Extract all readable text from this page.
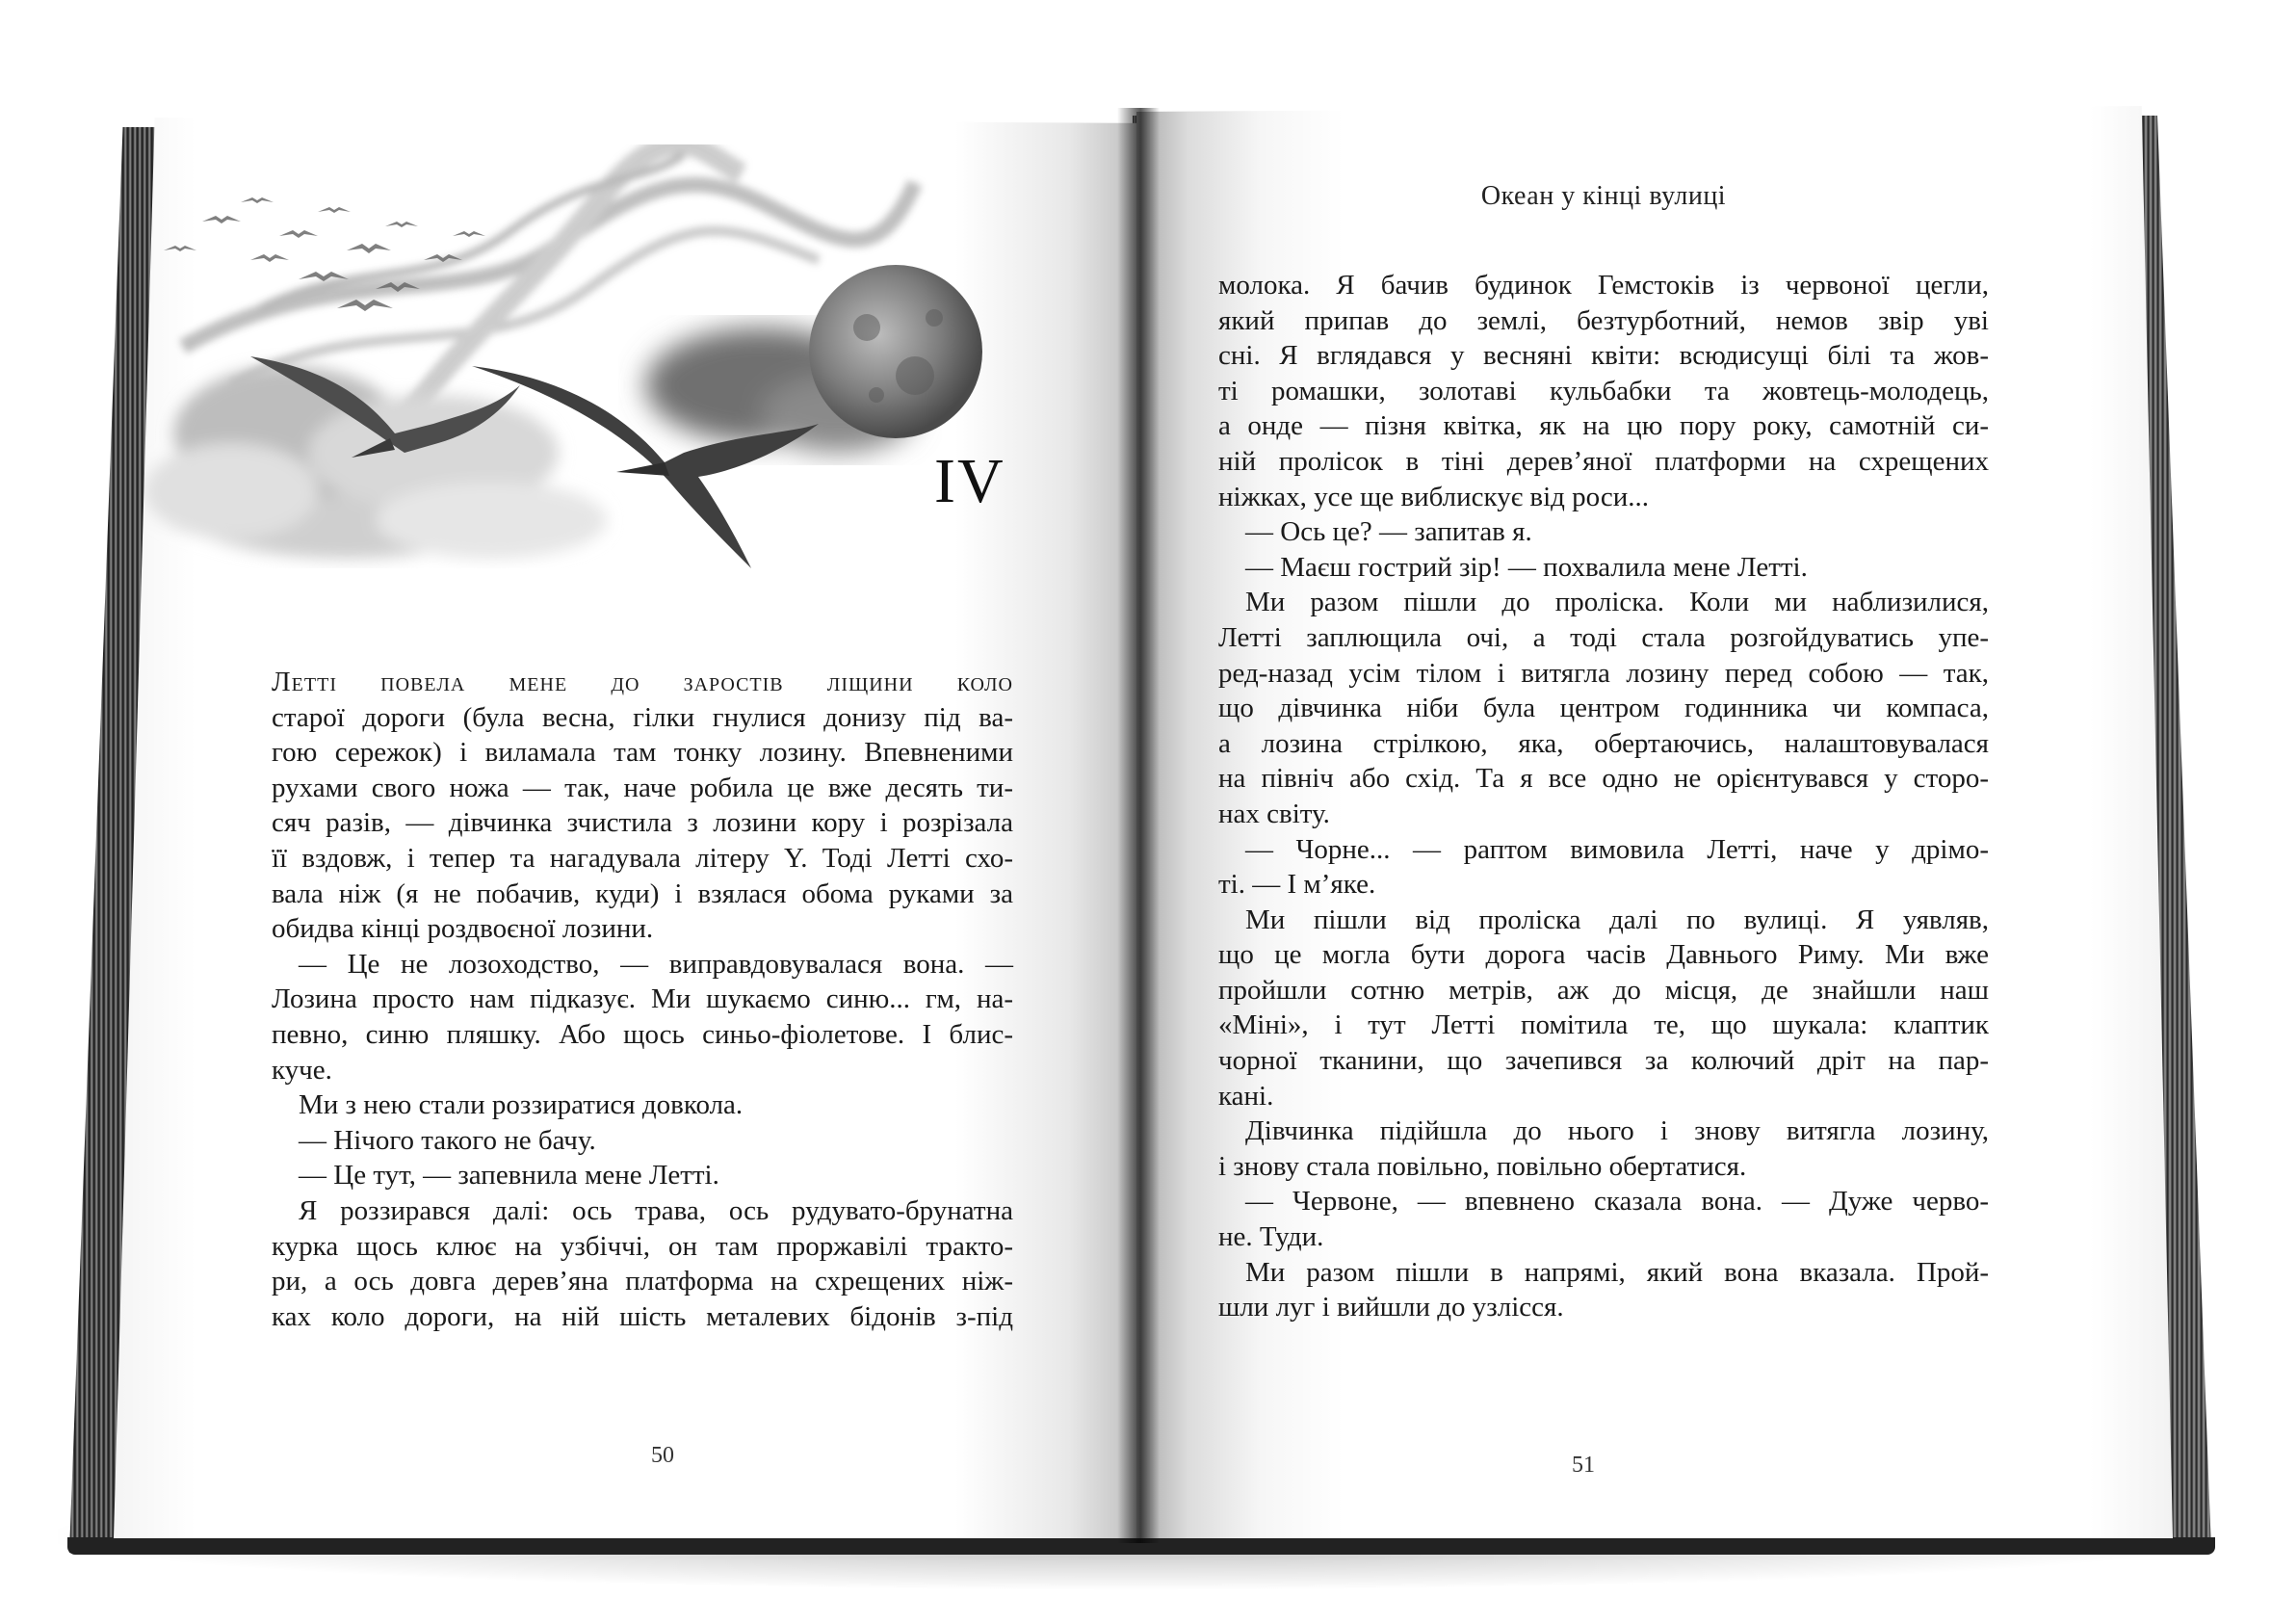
IV
Летті повела мене до заростів ліщини коло
старої дороги (була весна, гілки гнулися донизу під ва-
гою сережок) і виламала там тонку лозину. Впевненими
рухами свого ножа — так, наче робила це вже десять ти-
сяч разів, — дівчинка зчистила з лозини кору і розрізала
її вздовж, і тепер та нагадувала літеру Y. Тоді Летті схо-
вала ніж (я не побачив, куди) і взялася обома руками за
обидва кінці роздвоєної лозини.
— Це не лозоходство, — виправдовувалася вона. —
Лозина просто нам підказує. Ми шукаємо синю... гм, на-
певно, синю пляшку. Або щось синьо-фіолетове. І блис-
куче.
Ми з нею стали роззиратися довкола.
— Нічого такого не бачу.
— Це тут, — запевнила мене Летті.
Я роззирався далі: ось трава, ось рудувато-брунатна
курка щось клює на узбіччі, он там проржавілі тракто-
ри, а ось довга дерев’яна платформа на схрещених ніж-
ках коло дороги, на ній шість металевих бідонів з-під
50
Океан у кінці вулиці
молока. Я бачив будинок Гемстоків із червоної цегли,
який припав до землі, безтурботний, немов звір уві
сні. Я вглядався у весняні квіти: всюдисущі білі та жов-
ті ромашки, золотаві кульбабки та жовтець-молодець,
а онде — пізня квітка, як на цю пору року, самотній си-
ній пролісок в тіні дерев’яної платформи на схрещених
ніжках, усе ще виблискує від роси...
— Ось це? — запитав я.
— Маєш гострий зір! — похвалила мене Летті.
Ми разом пішли до проліска. Коли ми наблизилися,
Летті заплющила очі, а тоді стала розгойдуватись упе-
ред-назад усім тілом і витягла лозину перед собою — так,
що дівчинка ніби була центром годинника чи компаса,
а лозина стрілкою, яка, обертаючись, налаштовувалася
на північ або схід. Та я все одно не орієнтувався у сторо-
нах світу.
— Чорне... — раптом вимовила Летті, наче у дрімо-
ті. — І м’яке.
Ми пішли від проліска далі по вулиці. Я уявляв,
що це могла бути дорога часів Давнього Риму. Ми вже
пройшли сотню метрів, аж до місця, де знайшли наш
«Міні», і тут Летті помітила те, що шукала: клаптик
чорної тканини, що зачепився за колючий дріт на пар-
кані.
Дівчинка підійшла до нього і знову витягла лозину,
і знову стала повільно, повільно обертатися.
— Червоне, — впевнено сказала вона. — Дуже черво-
не. Туди.
Ми разом пішли в напрямі, який вона вказала. Прой-
шли луг і вийшли до узлісся.
51
